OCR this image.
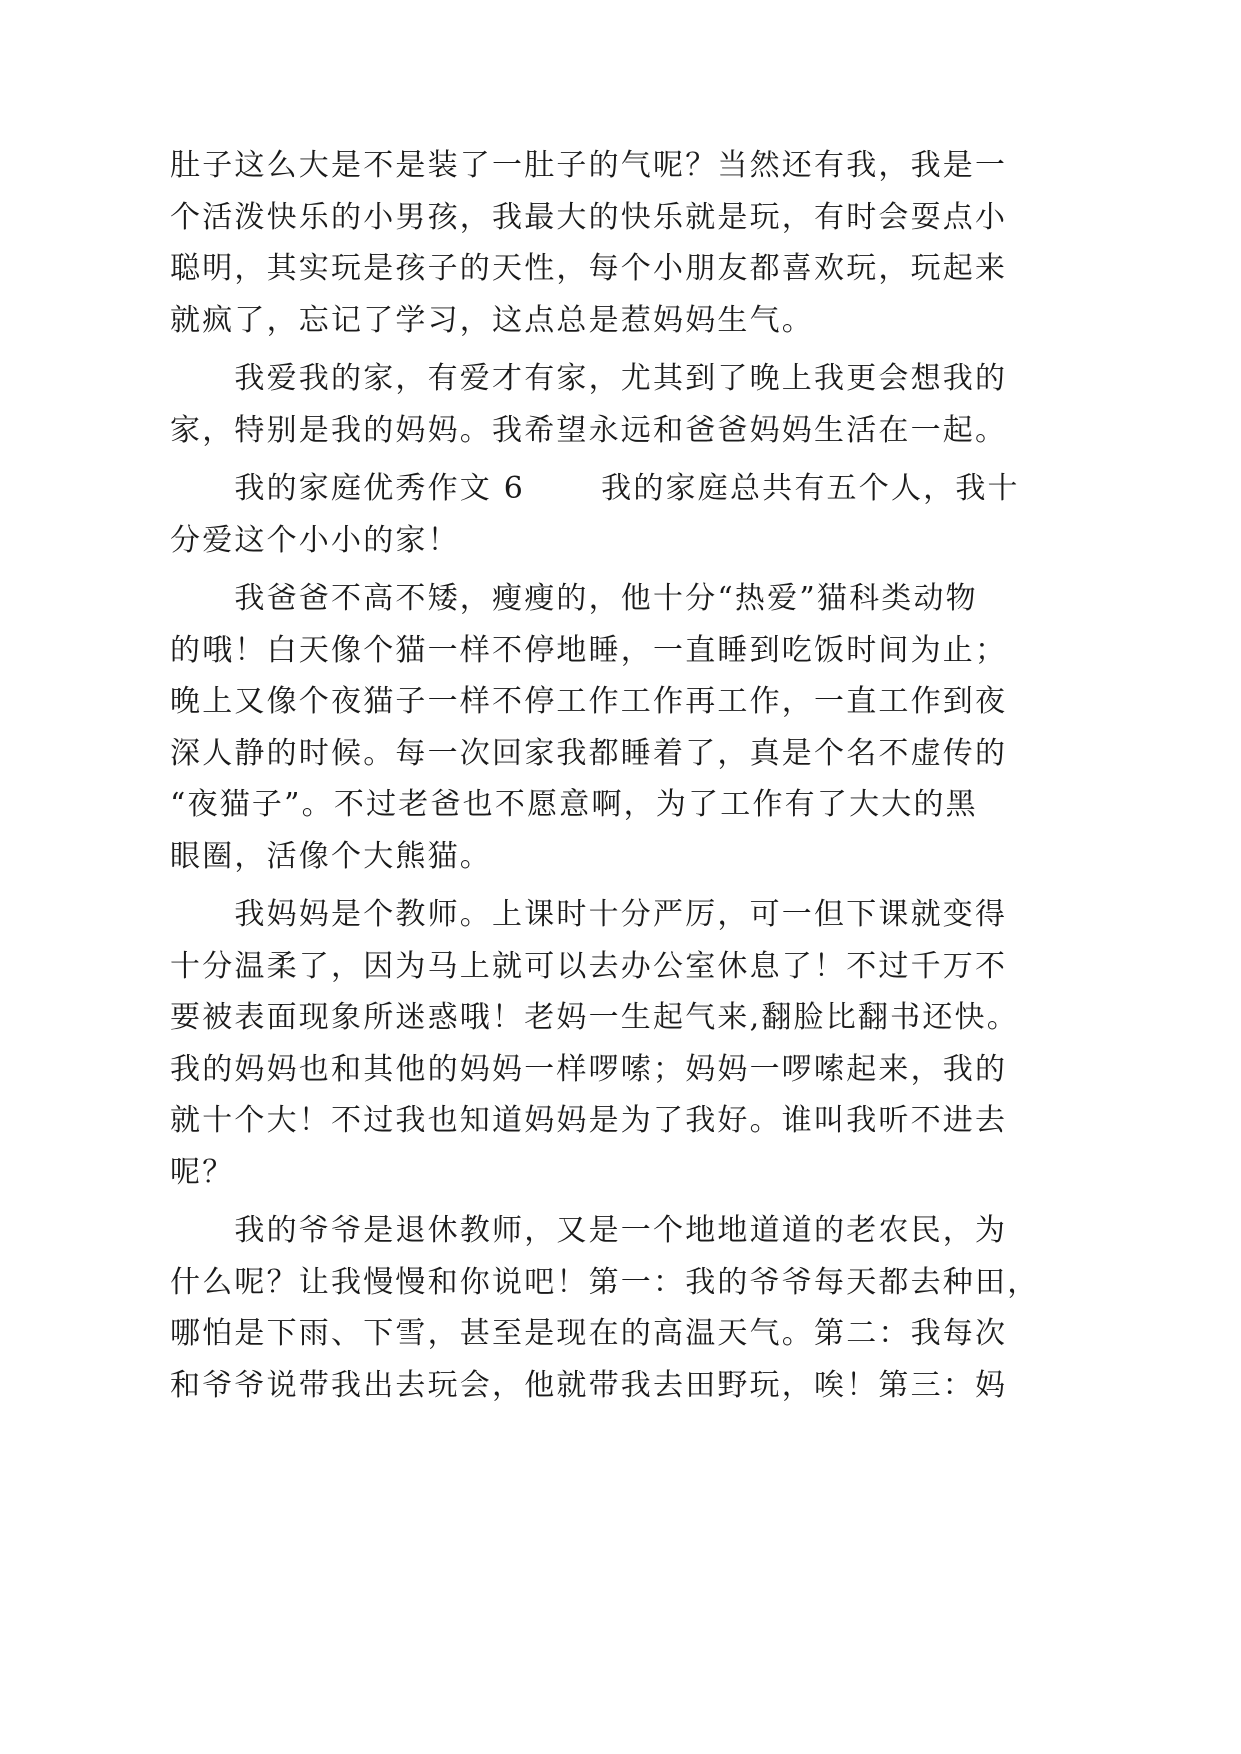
肚子这么大是不是装了一肚子的气呢？当然还有我，我是一
个活泼快乐的小男孩，我最大的快乐就是玩，有时会耍点小
聪明，其实玩是孩子的天性，每个小朋友都喜欢玩，玩起来
就疯了，忘记了学习，这点总是惹妈妈生气。
　　我爱我的家，有爱才有家，尤其到了晚上我更会想我的
家，特别是我的妈妈。我希望永远和爸爸妈妈生活在一起。
　　我的家庭优秀作文 6　　 我的家庭总共有五个人，我十
分爱这个小小的家！
　　我爸爸不高不矮，瘦瘦的，他十分“热爱”猫科类动物
的哦！白天像个猫一样不停地睡，一直睡到吃饭时间为止；
晚上又像个夜猫子一样不停工作工作再工作，一直工作到夜
深人静的时候。每一次回家我都睡着了，真是个名不虚传的
“夜猫子”。不过老爸也不愿意啊，为了工作有了大大的黑
眼圈，活像个大熊猫。
　　我妈妈是个教师。上课时十分严厉，可一但下课就变得
十分温柔了，因为马上就可以去办公室休息了！不过千万不
要被表面现象所迷惑哦！老妈一生起气来,翻脸比翻书还快。
我的妈妈也和其他的妈妈一样啰嗦；妈妈一啰嗦起来，我的
就十个大！不过我也知道妈妈是为了我好。谁叫我听不进去
呢？
　　我的爷爷是退休教师，又是一个地地道道的老农民，为
什么呢？让我慢慢和你说吧！第一：我的爷爷每天都去种田，
哪怕是下雨、下雪，甚至是现在的高温天气。第二：我每次
和爷爷说带我出去玩会，他就带我去田野玩，唉！第三：妈
